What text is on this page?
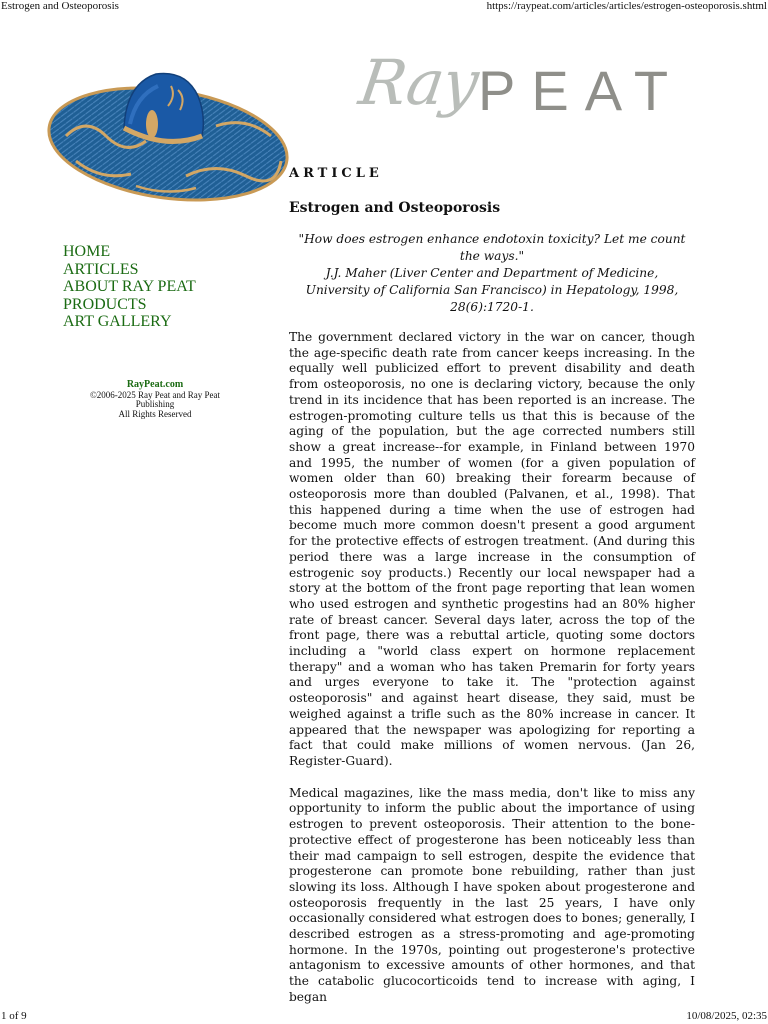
Estrogen and Osteoporosis	https://raypeat.com/articles/articles/estrogen-osteoporosis.shtml
Ray
PEAT
HOME
ARTICLES
ABOUT RAY PEAT
PRODUCTS
ART GALLERY
RayPeat.com
©2006-2025 Ray Peat and Ray Peat Publishing
All Rights Reserved
ARTICLE
Estrogen and Osteoporosis
"How does estrogen enhance endotoxin toxicity? Let me count the ways."
J.J. Maher (Liver Center and Department of Medicine, University of California San Francisco) in Hepatology, 1998, 28(6):1720-1.

The government declared victory in the war on cancer, though the age-specific death rate from cancer keeps increasing. In the equally well publicized effort to prevent disability and death from osteoporosis, no one is declaring victory, because the only trend in its incidence that has been reported is an increase. The estrogen-promoting culture tells us that this is because of the aging of the population, but the age corrected numbers still show a great increase--for example, in Finland between 1970 and 1995, the number of women (for a given population of women older than 60) breaking their forearm because of osteoporosis more than doubled (Palvanen, et al., 1998). That this happened during a time when the use of estrogen had become much more common doesn't present a good argument for the protective effects of estrogen treatment. (And during this period there was a large increase in the consumption of estrogenic soy products.) Recently our local newspaper had a story at the bottom of the front page reporting that lean women who used estrogen and synthetic progestins had an 80% higher rate of breast cancer. Several days later, across the top of the front page, there was a rebuttal article, quoting some doctors including a "world class expert on hormone replacement therapy" and a woman who has taken Premarin for forty years and urges everyone to take it. The "protection against osteoporosis" and against heart disease, they said, must be weighed against a trifle such as the 80% increase in cancer. It appeared that the newspaper was apologizing for reporting a fact that could make millions of women nervous. (Jan 26, Register-Guard).

Medical magazines, like the mass media, don't like to miss any opportunity to inform the public about the importance of using estrogen to prevent osteoporosis. Their attention to the bone-protective effect of progesterone has been noticeably less than their mad campaign to sell estrogen, despite the evidence that progesterone can promote bone rebuilding, rather than just slowing its loss. Although I have spoken about progesterone and osteoporosis frequently in the last 25 years, I have only occasionally considered what estrogen does to bones; generally, I described estrogen as a stress-promoting and age-promoting hormone. In the 1970s, pointing out progesterone's protective antagonism to excessive amounts of other hormones, and that the catabolic glucocorticoids tend to increase with aging, I began

1 of 9	10/08/2025, 02:35
